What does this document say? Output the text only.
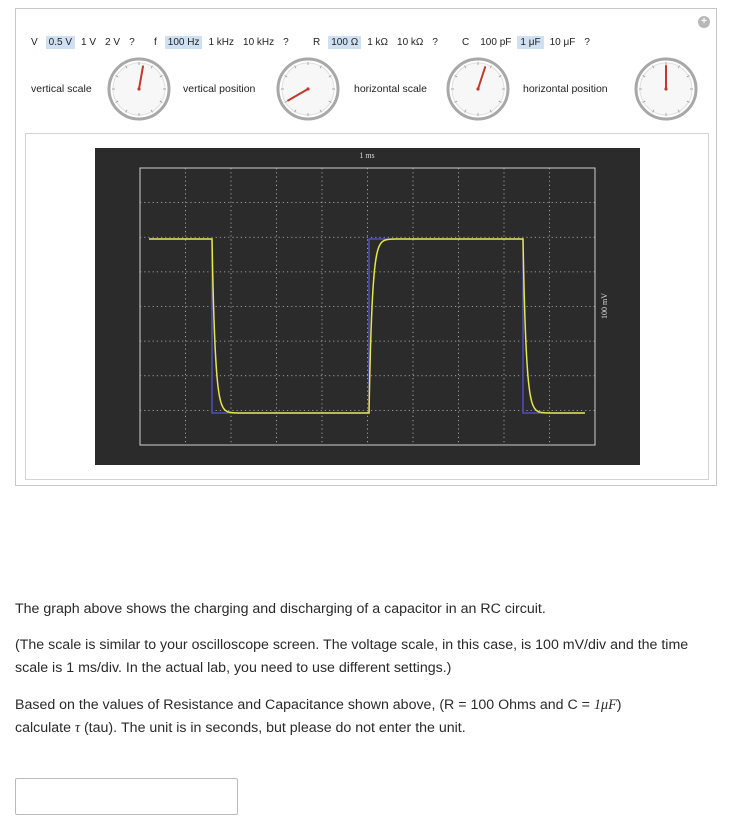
+
V	0.5 V 1 V 2 V ?	f	100 Hz 1 kHz 10 kHz ?	R	100 Ω 1 kΩ 10 kΩ ?	C	100 pF 1 μF 10 μF ?
vertical scale	vertical position	horizontal scale	horizontal position
1 ms
100 mV
The graph above shows the charging and discharging of a capacitor in an RC circuit.
(The scale is similar to your oscilloscope screen. The voltage scale, in this case, is 100 mV/div and the time scale is 1 ms/div. In the actual lab, you need to use different settings.)
Based on the values of Resistance and Capacitance shown above, (R = 100 Ohms and C = 1μF)
calculate τ (tau). The unit is in seconds, but please do not enter the unit.
